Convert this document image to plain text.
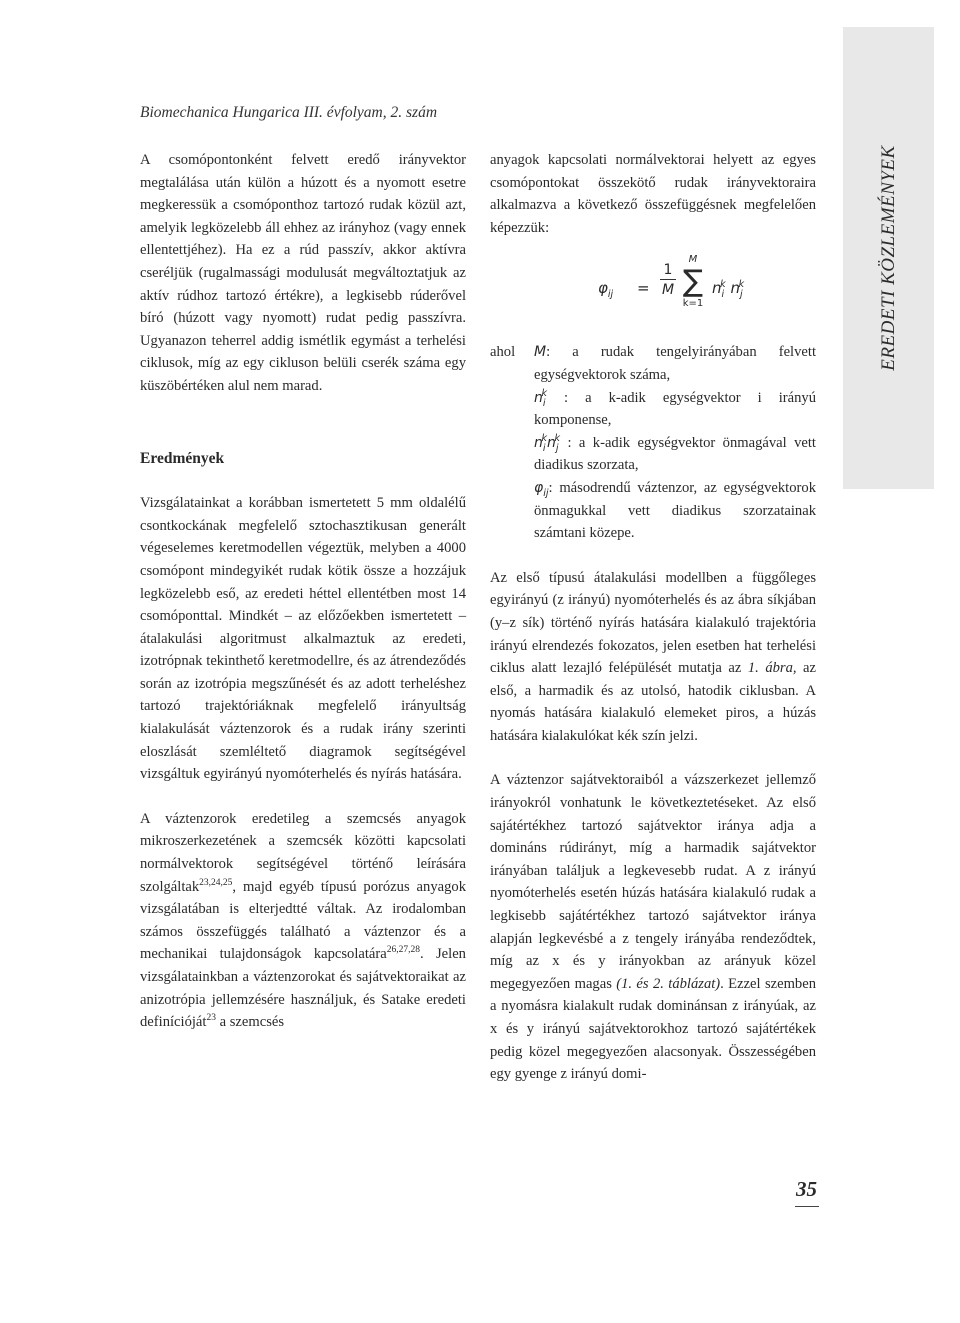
Biomechanica Hungarica III. évfolyam, 2. szám
EREDETI KÖZLEMÉNYEK

A csomópontonként felvett eredő irányvektor megtalálása után külön a húzott és a nyomott esetre megkeressük a csomóponthoz tartozó rudak közül azt, amelyik legközelebb áll ehhez az irányhoz (vagy ennek ellentettjéhez). Ha ez a rúd passzív, akkor aktívra cseréljük (rugalmassági modulusát megváltoztatjuk az aktív rúdhoz tartozó értékre), a legkisebb rúderővel bíró (húzott vagy nyomott) rudat pedig passzívra. Ugyanazon teherrel addig ismétlik egymást a terhelési ciklusok, míg az egy cikluson belüli cserék száma egy küszöbértéken alul nem marad.

Eredmények

Vizsgálatainkat a korábban ismertetett 5 mm oldalélű csontkockának megfelelő sztochasztikusan generált végeselemes keretmodellen végeztük, melyben a 4000 csomópont mindegyikét rudak kötik össze a hozzájuk legközelebb eső, az eredeti héttel ellentétben most 14 csomóponttal. Mindkét – az előzőekben ismertetett – átalakulási algoritmust alkalmaztuk az eredeti, izotrópnak tekinthető keretmodellre, és az átrendeződés során az izotrópia megszűnését és az adott terheléshez tartozó trajektóriáknak megfelelő irányultság kialakulását váztenzorok és a rudak irány szerinti eloszlását szemléltető diagramok segítségével vizsgáltuk egyirányú nyomóterhelés és nyírás hatására.

A váztenzorok eredetileg a szemcsés anyagok mikroszerkezetének a szemcsék közötti kapcsolati normálvektorok segítségével történő leírására szolgáltak$^{23,24,25}$, majd egyéb típusú porózus anyagok vizsgálatában is elterjedtté váltak. Az irodalomban számos összefüggés található a váztenzor és a mechanikai tulajdonságok kapcsolatára$^{26,27,28}$. Jelen vizsgálatainkban a váztenzorokat és sajátvektoraikat az anizotrópia jellemzésére használjuk, és Satake eredeti definícióját$^{23}$ a szemcsés

anyagok kapcsolati normálvektorai helyett az egyes csomópontokat összekötő rudak irányvektoraira alkalmazva a következő összefüggésnek megfelelően képezzük:

$\varphi_{ij} = \frac{1}{M}$
M
∑
k=1
$n_i^k$ $n_j^k$
ahol M: a rudak tengelyirányában felvett egységvektorok száma,
$n_i^k$ : a k-adik egységvektor i irányú komponense,
$n_i^kn_j^k$ : a k-adik egységvektor önmagával vett diadikus szorzata,
$\varphi_{ij}$: másodrendű váztenzor, az egységvektorok önmagukkal vett diadikus szorzatainak számtani közepe.

Az első típusú átalakulási modellben a függőleges egyirányú (z irányú) nyomóterhelés és az ábra síkjában (y–z sík) történő nyírás hatására kialakuló trajektória irányú elrendezés fokozatos, jelen esetben hat terhelési ciklus alatt lezajló felépülését mutatja az 1. ábra, az első, a harmadik és az utolsó, hatodik ciklusban. A nyomás hatására kialakuló elemeket piros, a húzás hatására kialakulókat kék szín jelzi.

A váztenzor sajátvektoraiból a vázszerkezet jellemző irányokról vonhatunk le következtetéseket. Az első sajátértékhez tartozó sajátvektor iránya adja a domináns rúdirányt, míg a harmadik sajátvektor irányában találjuk a legkevesebb rudat. A z irányú nyomóterhelés esetén húzás hatására kialakuló rudak a legkisebb sajátértékhez tartozó sajátvektor iránya alapján legkevésbé a z tengely irányába rendeződtek, míg az x és y irányokban az arányuk közel megegyezően magas (1. és 2. táblázat). Ezzel szemben a nyomásra kialakult rudak dominánsan z irányúak, az x és y irányú sajátvektorokhoz tartozó sajátértékek pedig közel megegyezően alacsonyak. Összességében egy gyenge z irányú domi-

35
